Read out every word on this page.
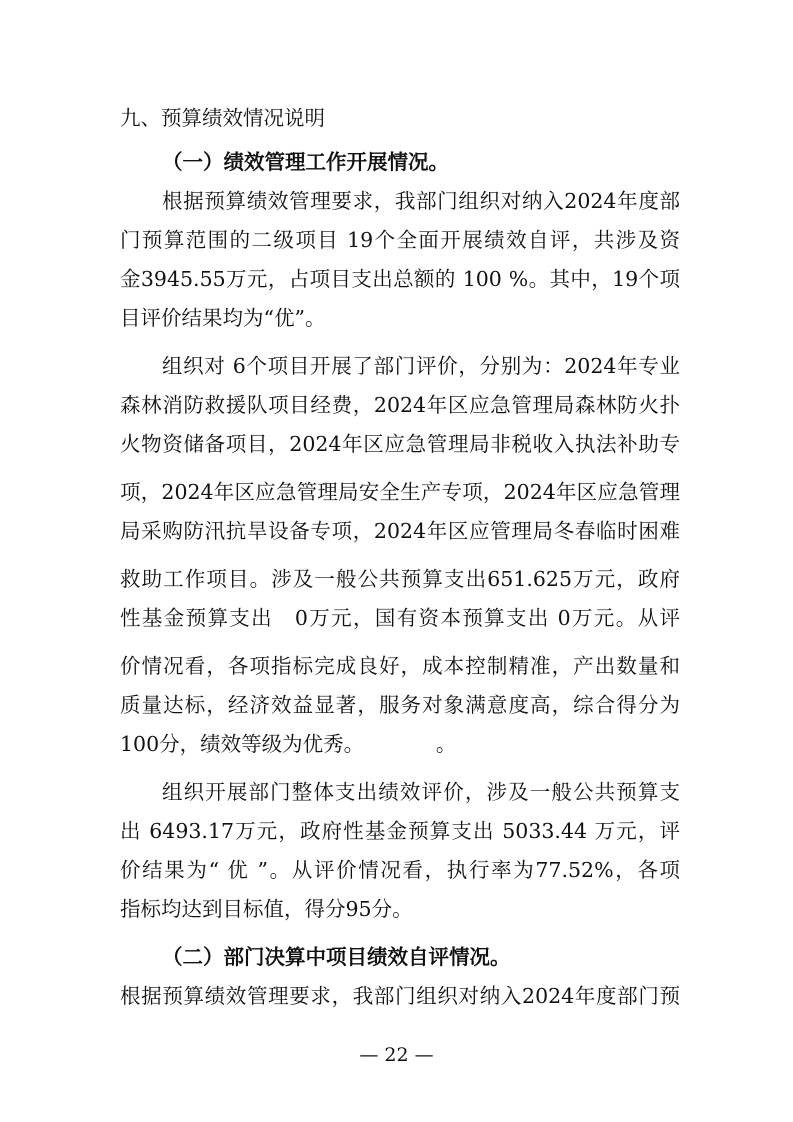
九、预算绩效情况说明
（一）绩效管理工作开展情况。
根据预算绩效管理要求，我部门组织对纳入2024年度部
门预算范围的二级项目 19个全面开展绩效自评，共涉及资
金3945.55万元，占项目支出总额的 100 %。其中，19个项
目评价结果均为“优”。
组织对 6个项目开展了部门评价，分别为：2024年专业
森林消防救援队项目经费，2024年区应急管理局森林防火扑
火物资储备项目，2024年区应急管理局非税收入执法补助专
项，2024年区应急管理局安全生产专项，2024年区应急管理
局采购防汛抗旱设备专项，2024年区应管理局冬春临时困难
救助工作项目。涉及一般公共预算支出651.625万元，政府
性基金预算支出　0万元，国有资本预算支出 0万元。从评
价情况看，各项指标完成良好，成本控制精准，产出数量和
质量达标，经济效益显著，服务对象满意度高，综合得分为
100分，绩效等级为优秀。　　　　。
组织开展部门整体支出绩效评价，涉及一般公共预算支
出 6493.17万元，政府性基金预算支出 5033.44 万元，评
价结果为“ 优 ”。从评价情况看，执行率为77.52%，各项
指标均达到目标值，得分95分。
（二）部门决算中项目绩效自评情况。
根据预算绩效管理要求，我部门组织对纳入2024年度部门预
— 22 —
